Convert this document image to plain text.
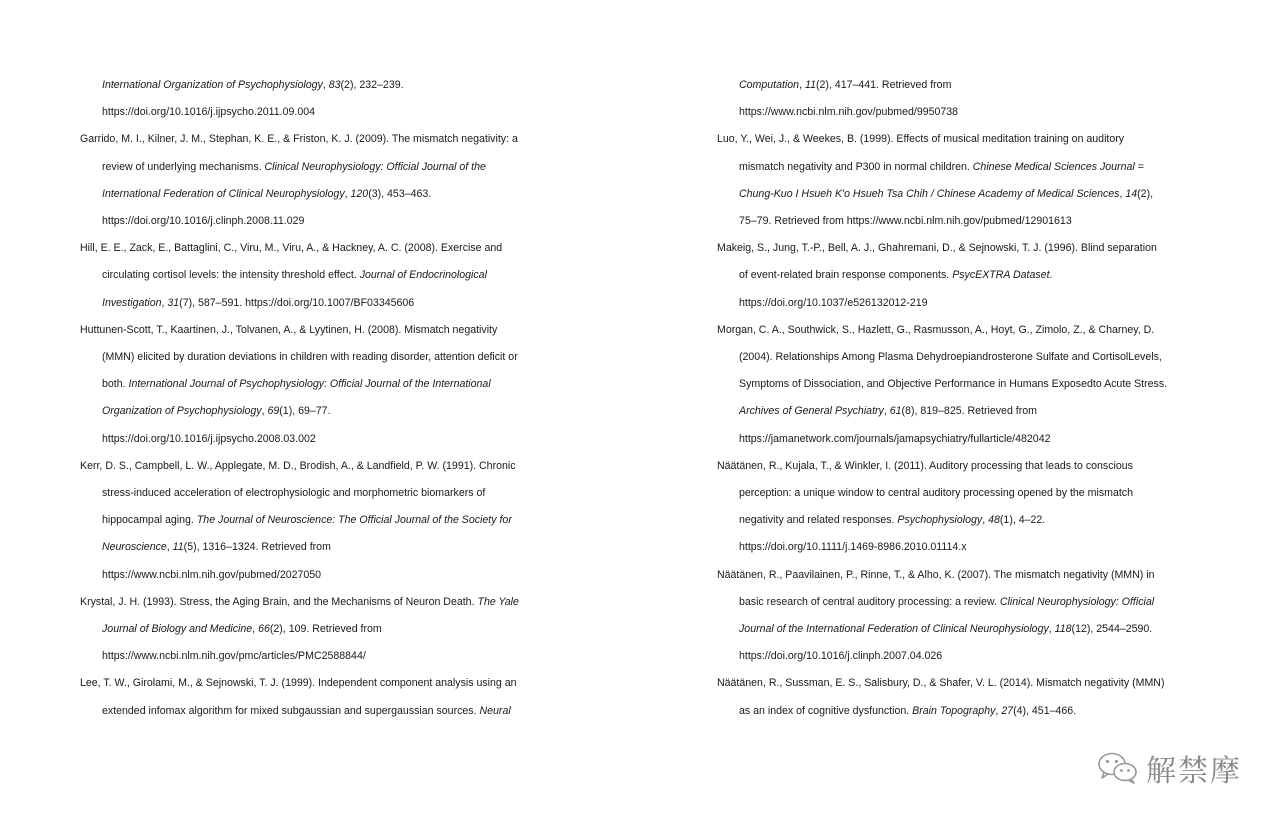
International Organization of Psychophysiology, 83(2), 232–239.
https://doi.org/10.1016/j.ijpsycho.2011.09.004
Garrido, M. I., Kilner, J. M., Stephan, K. E., & Friston, K. J. (2009). The mismatch negativity: a
review of underlying mechanisms. Clinical Neurophysiology: Official Journal of the
International Federation of Clinical Neurophysiology, 120(3), 453–463.
https://doi.org/10.1016/j.clinph.2008.11.029
Hill, E. E., Zack, E., Battaglini, C., Viru, M., Viru, A., & Hackney, A. C. (2008). Exercise and
circulating cortisol levels: the intensity threshold effect. Journal of Endocrinological
Investigation, 31(7), 587–591. https://doi.org/10.1007/BF03345606
Huttunen-Scott, T., Kaartinen, J., Tolvanen, A., & Lyytinen, H. (2008). Mismatch negativity
(MMN) elicited by duration deviations in children with reading disorder, attention deficit or
both. International Journal of Psychophysiology: Official Journal of the International
Organization of Psychophysiology, 69(1), 69–77.
https://doi.org/10.1016/j.ijpsycho.2008.03.002
Kerr, D. S., Campbell, L. W., Applegate, M. D., Brodish, A., & Landfield, P. W. (1991). Chronic
stress-induced acceleration of electrophysiologic and morphometric biomarkers of
hippocampal aging. The Journal of Neuroscience: The Official Journal of the Society for
Neuroscience, 11(5), 1316–1324. Retrieved from
https://www.ncbi.nlm.nih.gov/pubmed/2027050
Krystal, J. H. (1993). Stress, the Aging Brain, and the Mechanisms of Neuron Death. The Yale
Journal of Biology and Medicine, 66(2), 109. Retrieved from
https://www.ncbi.nlm.nih.gov/pmc/articles/PMC2588844/
Lee, T. W., Girolami, M., & Sejnowski, T. J. (1999). Independent component analysis using an
extended infomax algorithm for mixed subgaussian and supergaussian sources. Neural
Computation, 11(2), 417–441. Retrieved from
https://www.ncbi.nlm.nih.gov/pubmed/9950738
Luo, Y., Wei, J., & Weekes, B. (1999). Effects of musical meditation training on auditory
mismatch negativity and P300 in normal children. Chinese Medical Sciences Journal =
Chung-Kuo I Hsueh K'o Hsueh Tsa Chih / Chinese Academy of Medical Sciences, 14(2),
75–79. Retrieved from https://www.ncbi.nlm.nih.gov/pubmed/12901613
Makeig, S., Jung, T.-P., Bell, A. J., Ghahremani, D., & Sejnowski, T. J. (1996). Blind separation
of event-related brain response components. PsycEXTRA Dataset.
https://doi.org/10.1037/e526132012-219
Morgan, C. A., Southwick, S., Hazlett, G., Rasmusson, A., Hoyt, G., Zimolo, Z., & Charney, D.
(2004). Relationships Among Plasma Dehydroepiandrosterone Sulfate and CortisolLevels,
Symptoms of Dissociation, and Objective Performance in Humans Exposedto Acute Stress.
Archives of General Psychiatry, 61(8), 819–825. Retrieved from
https://jamanetwork.com/journals/jamapsychiatry/fullarticle/482042
Näätänen, R., Kujala, T., & Winkler, I. (2011). Auditory processing that leads to conscious
perception: a unique window to central auditory processing opened by the mismatch
negativity and related responses. Psychophysiology, 48(1), 4–22.
https://doi.org/10.1111/j.1469-8986.2010.01114.x
Näätänen, R., Paavilainen, P., Rinne, T., & Alho, K. (2007). The mismatch negativity (MMN) in
basic research of central auditory processing: a review. Clinical Neurophysiology: Official
Journal of the International Federation of Clinical Neurophysiology, 118(12), 2544–2590.
https://doi.org/10.1016/j.clinph.2007.04.026
Näätänen, R., Sussman, E. S., Salisbury, D., & Shafer, V. L. (2014). Mismatch negativity (MMN)
as an index of cognitive dysfunction. Brain Topography, 27(4), 451–466.
解禁摩
